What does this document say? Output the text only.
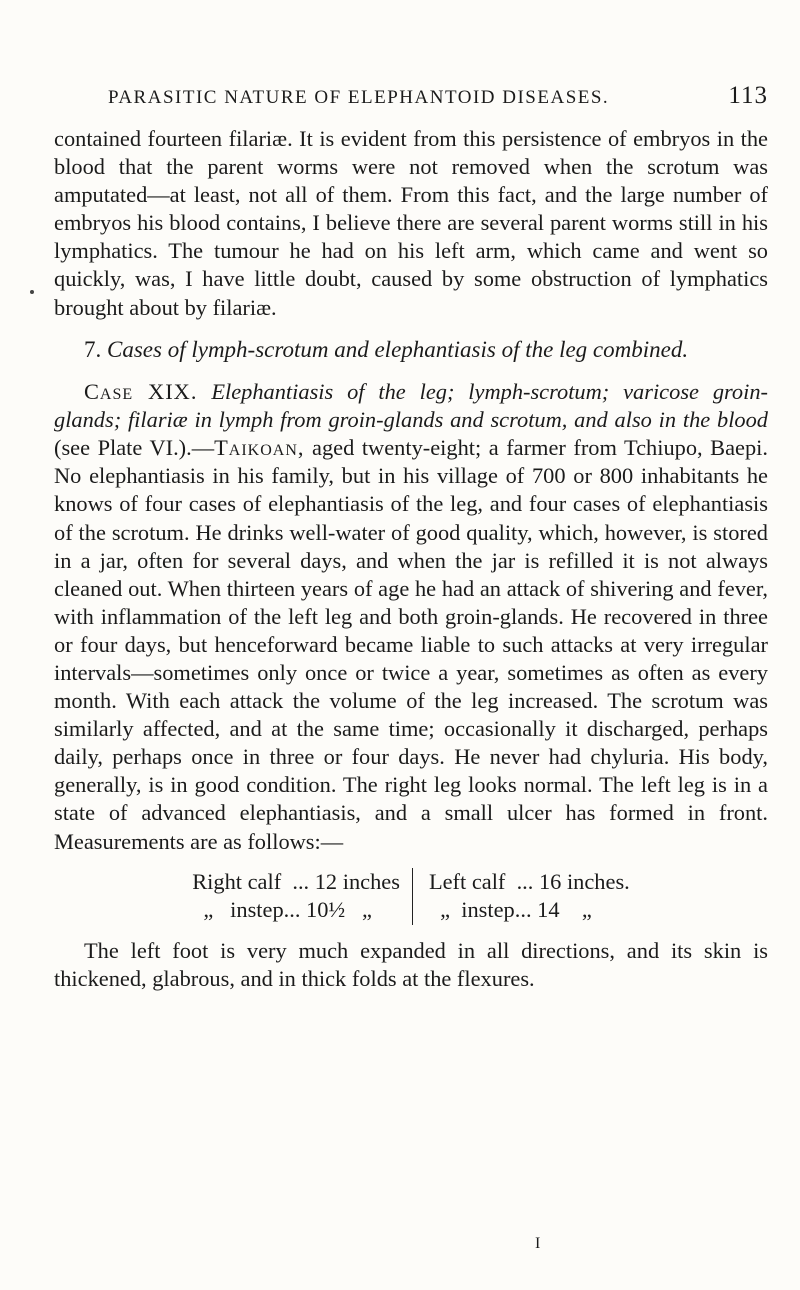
PARASITIC NATURE OF ELEPHANTOID DISEASES.	113

contained fourteen filariæ. It is evident from this persistence of embryos in the blood that the parent worms were not removed when the scrotum was amputated—at least, not all of them. From this fact, and the large number of embryos his blood contains, I believe there are several parent worms still in his lymphatics. The tumour he had on his left arm, which came and went so quickly, was, I have little doubt, caused by some obstruction of lymphatics brought about by filariæ.

7. Cases of lymph-scrotum and elephantiasis of the leg combined.

Case XIX. Elephantiasis of the leg; lymph-scrotum; varicose groin-glands; filariæ in lymph from groin-glands and scrotum, and also in the blood (see Plate VI.).—Taikoan, aged twenty-eight; a farmer from Tchiupo, Baepi. No elephantiasis in his family, but in his village of 700 or 800 inhabitants he knows of four cases of elephantiasis of the leg, and four cases of elephantiasis of the scrotum. He drinks well-water of good quality, which, however, is stored in a jar, often for several days, and when the jar is refilled it is not always cleaned out. When thirteen years of age he had an attack of shivering and fever, with inflammation of the left leg and both groin-glands. He recovered in three or four days, but henceforward became liable to such attacks at very irregular intervals—sometimes only once or twice a year, sometimes as often as every month. With each attack the volume of the leg increased. The scrotum was similarly affected, and at the same time; occasionally it discharged, perhaps daily, perhaps once in three or four days. He never had chyluria. His body, generally, is in good condition. The right leg looks normal. The left leg is in a state of advanced elephantiasis, and a small ulcer has formed in front. Measurements are as follows:—

Right calf  ... 12 inches
„   instep... 10½   „
Left calf  ... 16 inches.
„  instep... 14    „

The left foot is very much expanded in all directions, and its skin is thickened, glabrous, and in thick folds at the flexures.

I
